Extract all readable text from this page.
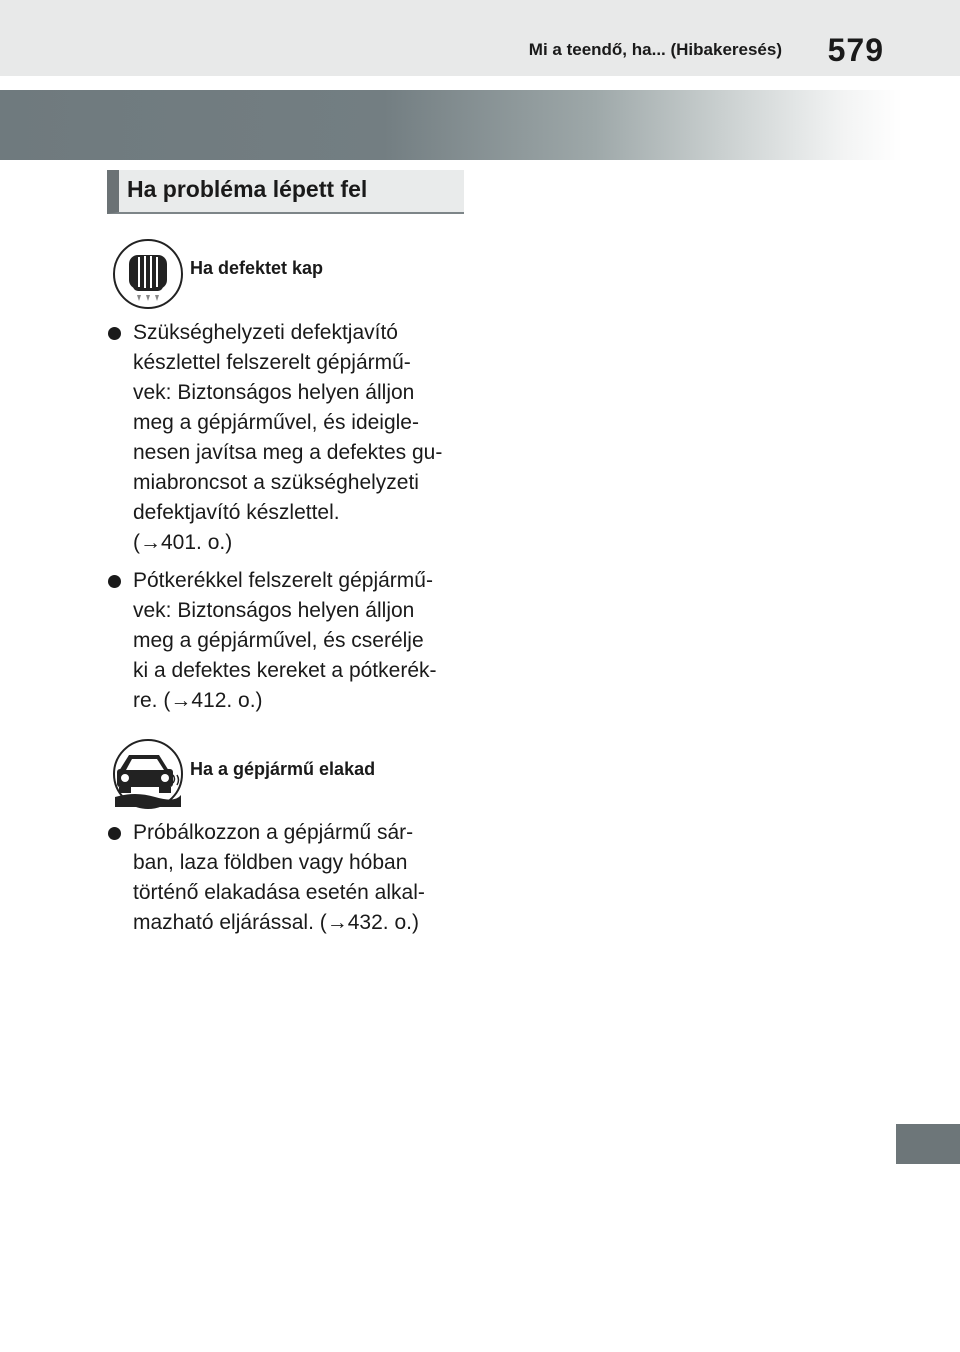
Mi a teendő, ha... (Hibakeresés) 579
Ha probléma lépett fel
Ha defektet kap
Szükséghelyzeti defektjavító
készlettel felszerelt gépjármű-
vek: Biztonságos helyen álljon
meg a gépjárművel, és ideigle-
nesen javítsa meg a defektes gu-
miabroncsot a szükséghelyzeti
defektjavító készlettel.
(→401. o.)
Pótkerékkel felszerelt gépjármű-
vek: Biztonságos helyen álljon
meg a gépjárművel, és cserélje
ki a defektes kereket a pótkerék-
re. (→412. o.)
Ha a gépjármű elakad
Próbálkozzon a gépjármű sár-
ban, laza földben vagy hóban
történő elakadása esetén alkal-
mazható eljárással. (→432. o.)
